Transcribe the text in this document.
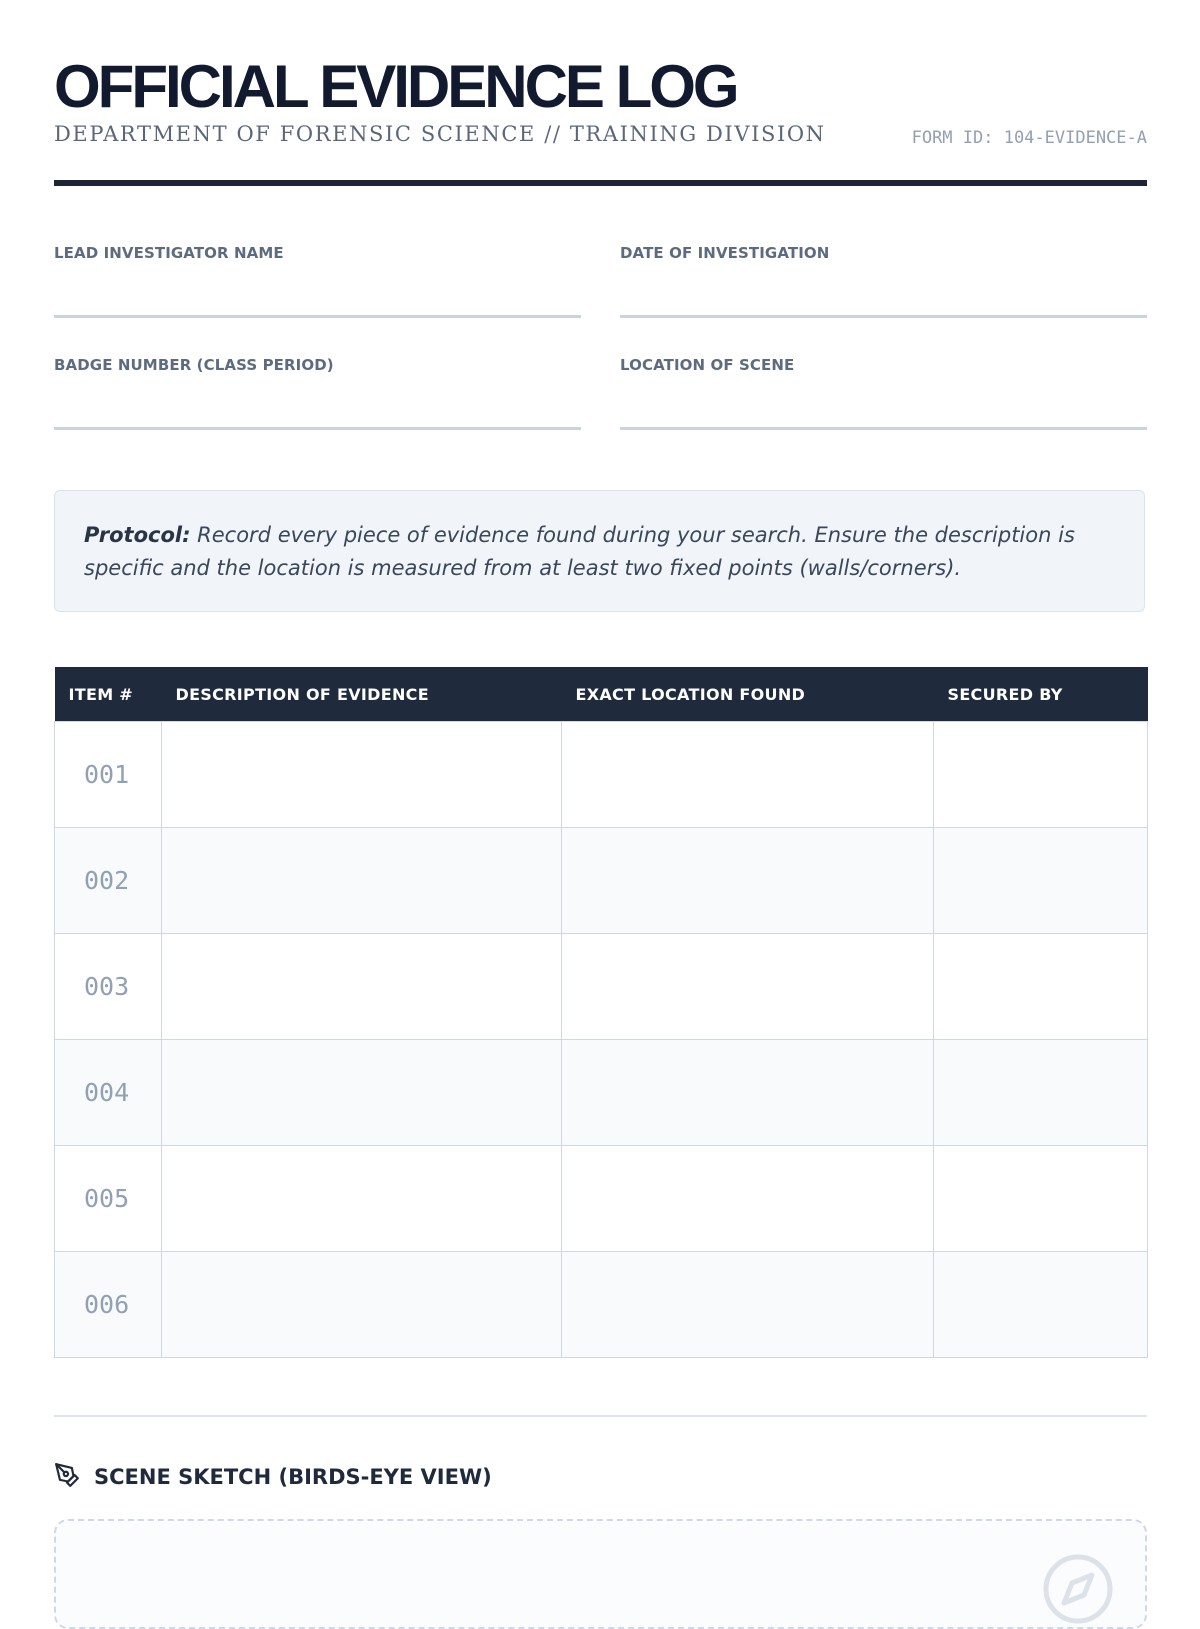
OFFICIAL EVIDENCE LOG
DEPARTMENT OF FORENSIC SCIENCE // TRAINING DIVISION	FORM ID: 104-EVIDENCE-A
LEAD INVESTIGATOR NAME	DATE OF INVESTIGATION
BADGE NUMBER (CLASS PERIOD)	LOCATION OF SCENE
Protocol: Record every piece of evidence found during your search. Ensure the description is specific and the location is measured from at least two fixed points (walls/corners).
ITEM #	DESCRIPTION OF EVIDENCE	EXACT LOCATION FOUND	SECURED BY
001			
002			
003			
004			
005			
006			
SCENE SKETCH (BIRDS-EYE VIEW)
